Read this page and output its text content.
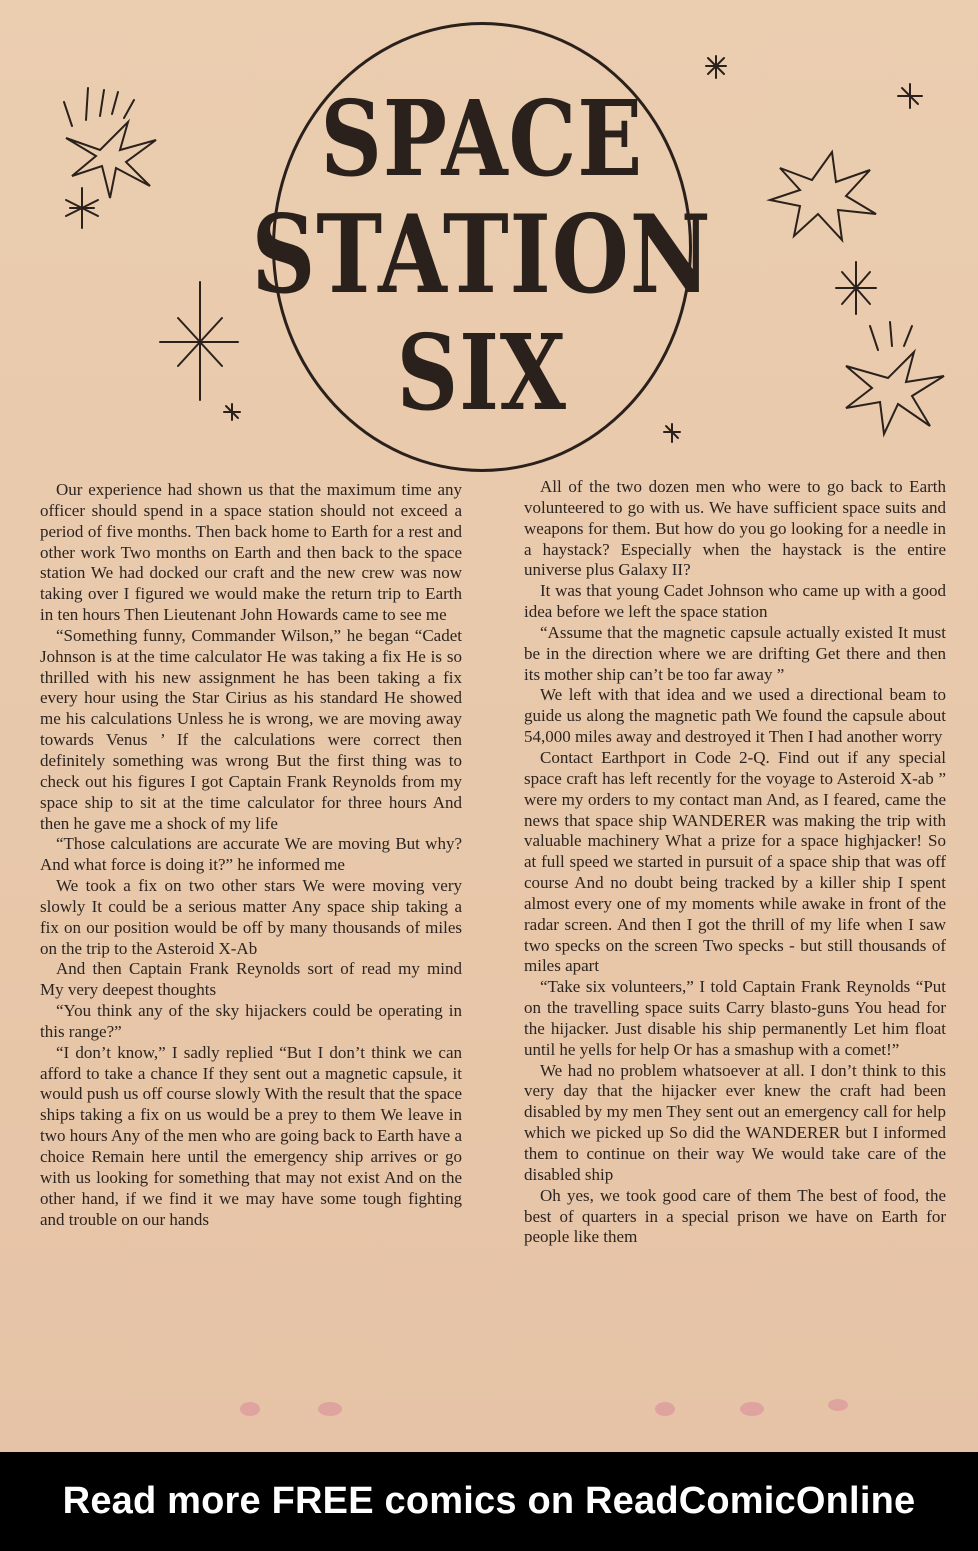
SPACE
STATION
SIX

Our experience had shown us that the maximum time any officer should spend in a space station should not exceed a period of five months. Then back home to Earth for a rest and other work Two months on Earth and then back to the space station We had docked our craft and the new crew was now taking over I figured we would make the return trip to Earth in ten hours Then Lieutenant John Howards came to see me

“Something funny, Commander Wilson,” he began “Cadet Johnson is at the time calculator He was taking a fix He is so thrilled with his new assignment he has been taking a fix every hour using the Star Cirius as his standard He showed me his calculations Unless he is wrong, we are moving away towards Venus ’ If the calculations were correct then definitely something was wrong But the first thing was to check out his figures I got Captain Frank Reynolds from my space ship to sit at the time calculator for three hours And then he gave me a shock of my life

“Those calculations are accurate We are moving But why? And what force is doing it?” he informed me

We took a fix on two other stars We were moving very slowly It could be a serious matter Any space ship taking a fix on our position would be off by many thousands of miles on the trip to the Asteroid X-Ab

And then Captain Frank Reynolds sort of read my mind My very deepest thoughts

“You think any of the sky hijackers could be operating in this range?”

“I don’t know,” I sadly replied “But I don’t think we can afford to take a chance If they sent out a magnetic capsule, it would push us off course slowly With the result that the space ships taking a fix on us would be a prey to them We leave in two hours Any of the men who are going back to Earth have a choice Remain here until the emergency ship arrives or go with us looking for something that may not exist And on the other hand, if we find it we may have some tough fighting and trouble on our hands

All of the two dozen men who were to go back to Earth volunteered to go with us. We have sufficient space suits and weapons for them. But how do you go looking for a needle in a haystack? Especially when the haystack is the entire universe plus Galaxy II?

It was that young Cadet Johnson who came up with a good idea before we left the space station

“Assume that the magnetic capsule actually existed It must be in the direction where we are drifting Get there and then its mother ship can’t be too far away ”

We left with that idea and we used a directional beam to guide us along the magnetic path We found the capsule about 54,000 miles away and destroyed it Then I had another worry

Contact Earthport in Code 2-Q. Find out if any special space craft has left recently for the voyage to Asteroid X-ab ” were my orders to my contact man And, as I feared, came the news that space ship WANDERER was making the trip with valuable machinery What a prize for a space highjacker! So at full speed we started in pursuit of a space ship that was off course And no doubt being tracked by a killer ship I spent almost every one of my moments while awake in front of the radar screen. And then I got the thrill of my life when I saw two specks on the screen Two specks - but still thousands of miles apart

“Take six volunteers,” I told Captain Frank Reynolds “Put on the travelling space suits Carry blasto-guns You head for the hijacker. Just disable his ship permanently Let him float until he yells for help Or has a smashup with a comet!”

We had no problem whatsoever at all. I don’t think to this very day that the hijacker ever knew the craft had been disabled by my men They sent out an emergency call for help which we picked up So did the WANDERER but I informed them to continue on their way We would take care of the disabled ship

Oh yes, we took good care of them The best of food, the best of quarters in a special prison we have on Earth for people like them

Read more FREE comics on ReadComicOnline
